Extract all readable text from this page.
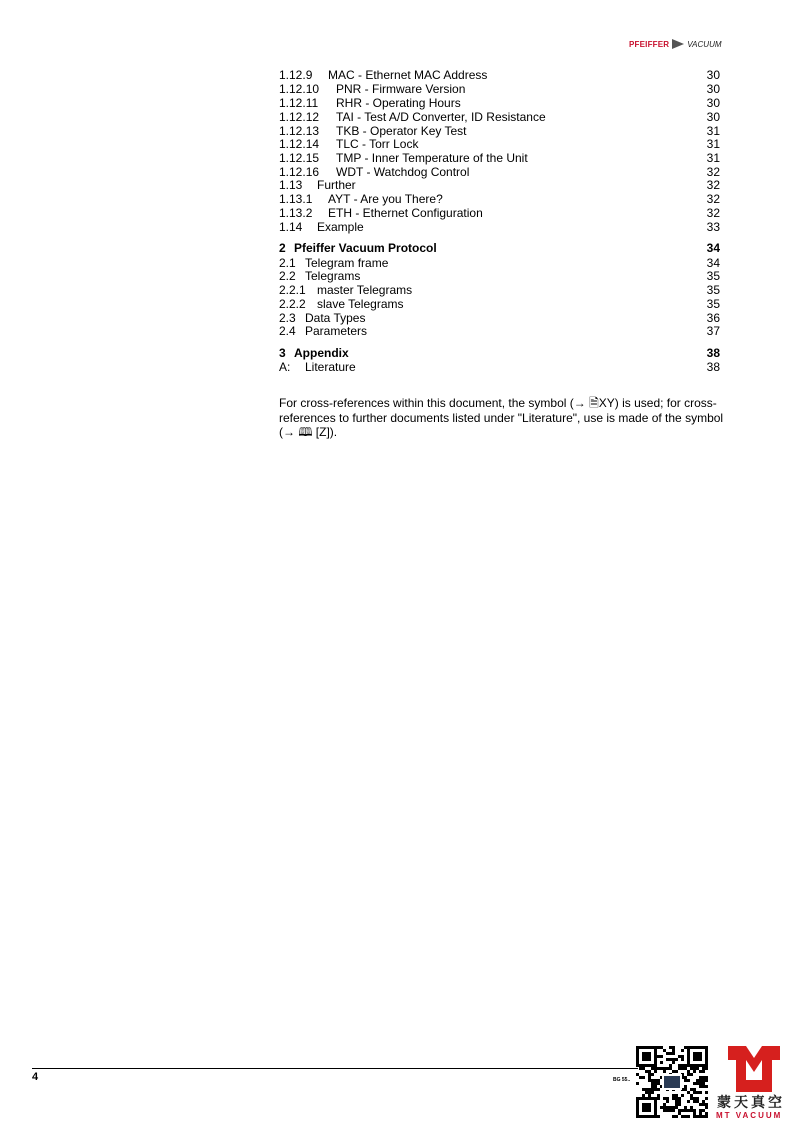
PFEIFFER VACUUM
1.12.9 MAC - Ethernet MAC Address	30
1.12.10 PNR - Firmware Version	30
1.12.11 RHR - Operating Hours	30
1.12.12 TAI - Test A/D Converter, ID Resistance	30
1.12.13 TKB - Operator Key Test	31
1.12.14 TLC - Torr Lock	31
1.12.15 TMP - Inner Temperature of the Unit	31
1.12.16 WDT - Watchdog Control	32
1.13 Further	32
1.13.1 AYT - Are you There?	32
1.13.2 ETH - Ethernet Configuration	32
1.14 Example	33
2 Pfeiffer Vacuum Protocol	34
2.1 Telegram frame	34
2.2 Telegrams	35
2.2.1 master Telegrams	35
2.2.2 slave Telegrams	35
2.3 Data Types	36
2.4 Parameters	37
3 Appendix	38
A: Literature	38
For cross-references within this document, the symbol (→ 🗎XY) is used; for cross-references to further documents listed under "Literature", use is made of the symbol (→ 🕮 [Z]).
4	BG 55..
蒙天真空
MT VACUUM
